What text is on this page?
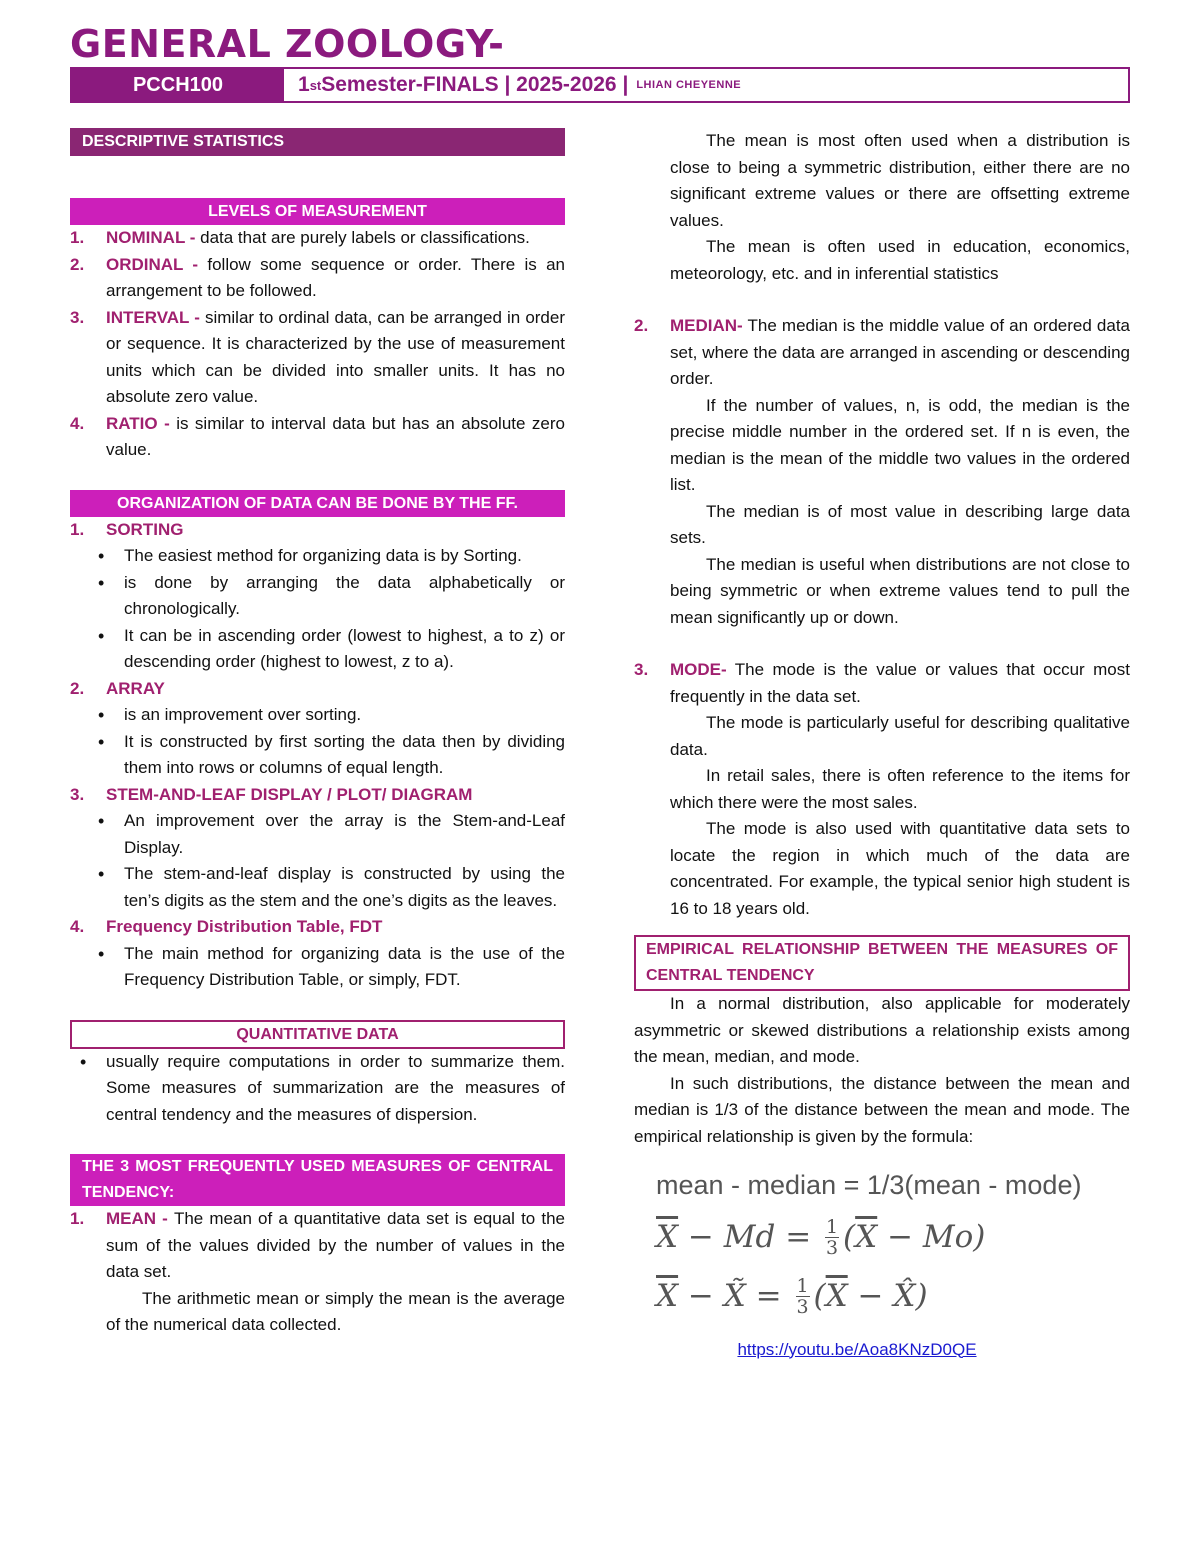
GENERAL ZOOLOGY-
PCCH100	1 st Semester-FINALS | 2025-2026 | LHIAN CHEYENNE
DESCRIPTIVE STATISTICS
LEVELS OF MEASUREMENT
1. NOMINAL - data that are purely labels or classifications.
2. ORDINAL - follow some sequence or order. There is an arrangement to be followed.
3. INTERVAL - similar to ordinal data, can be arranged in order or sequence. It is characterized by the use of measurement units which can be divided into smaller units. It has no absolute zero value.
4. RATIO - is similar to interval data but has an absolute zero value.
ORGANIZATION OF DATA CAN BE DONE BY THE FF.
1. SORTING
• The easiest method for organizing data is by Sorting.
• is done by arranging the data alphabetically or chronologically.
• It can be in ascending order (lowest to highest, a to z) or descending order (highest to lowest, z to a).
2. ARRAY
• is an improvement over sorting.
• It is constructed by first sorting the data then by dividing them into rows or columns of equal length.
3. STEM-AND-LEAF DISPLAY / PLOT/ DIAGRAM
• An improvement over the array is the Stem-and-Leaf Display.
• The stem-and-leaf display is constructed by using the ten’s digits as the stem and the one’s digits as the leaves.
4. Frequency Distribution Table, FDT
• The main method for organizing data is the use of the Frequency Distribution Table, or simply, FDT.
QUANTITATIVE DATA
• usually require computations in order to summarize them. Some measures of summarization are the measures of central tendency and the measures of dispersion.
THE 3 MOST FREQUENTLY USED MEASURES OF CENTRAL TENDENCY:
1. MEAN - The mean of a quantitative data set is equal to the sum of the values divided by the number of values in the data set.
The arithmetic mean or simply the mean is the average of the numerical data collected.
The mean is most often used when a distribution is close to being a symmetric distribution, either there are no significant extreme values or there are offsetting extreme values.
The mean is often used in education, economics, meteorology, etc. and in inferential statistics
2. MEDIAN- The median is the middle value of an ordered data set, where the data are arranged in ascending or descending order.
If the number of values, n, is odd, the median is the precise middle number in the ordered set. If n is even, the median is the mean of the middle two values in the ordered list.
The median is of most value in describing large data sets.
The median is useful when distributions are not close to being symmetric or when extreme values tend to pull the mean significantly up or down.
3. MODE- The mode is the value or values that occur most frequently in the data set.
The mode is particularly useful for describing qualitative data.
In retail sales, there is often reference to the items for which there were the most sales.
The mode is also used with quantitative data sets to locate the region in which much of the data are concentrated. For example, the typical senior high student is 16 to 18 years old.
EMPIRICAL RELATIONSHIP BETWEEN THE MEASURES OF CENTRAL TENDENCY
In a normal distribution, also applicable for moderately asymmetric or skewed distributions a relationship exists among the mean, median, and mode.
In such distributions, the distance between the mean and median is 1/3 of the distance between the mean and mode. The empirical relationship is given by the formula:
mean - median = 1/3(mean - mode)
$\overline{X} - Md = \frac{1}{3}$ ( $\overline{X} - Mo$)
$\overline{X}$ − X̃ = $\frac{1}{3}$ ( $\overline{X}$ − X̂)
https://youtu.be/Aoa8KNzD0QE
